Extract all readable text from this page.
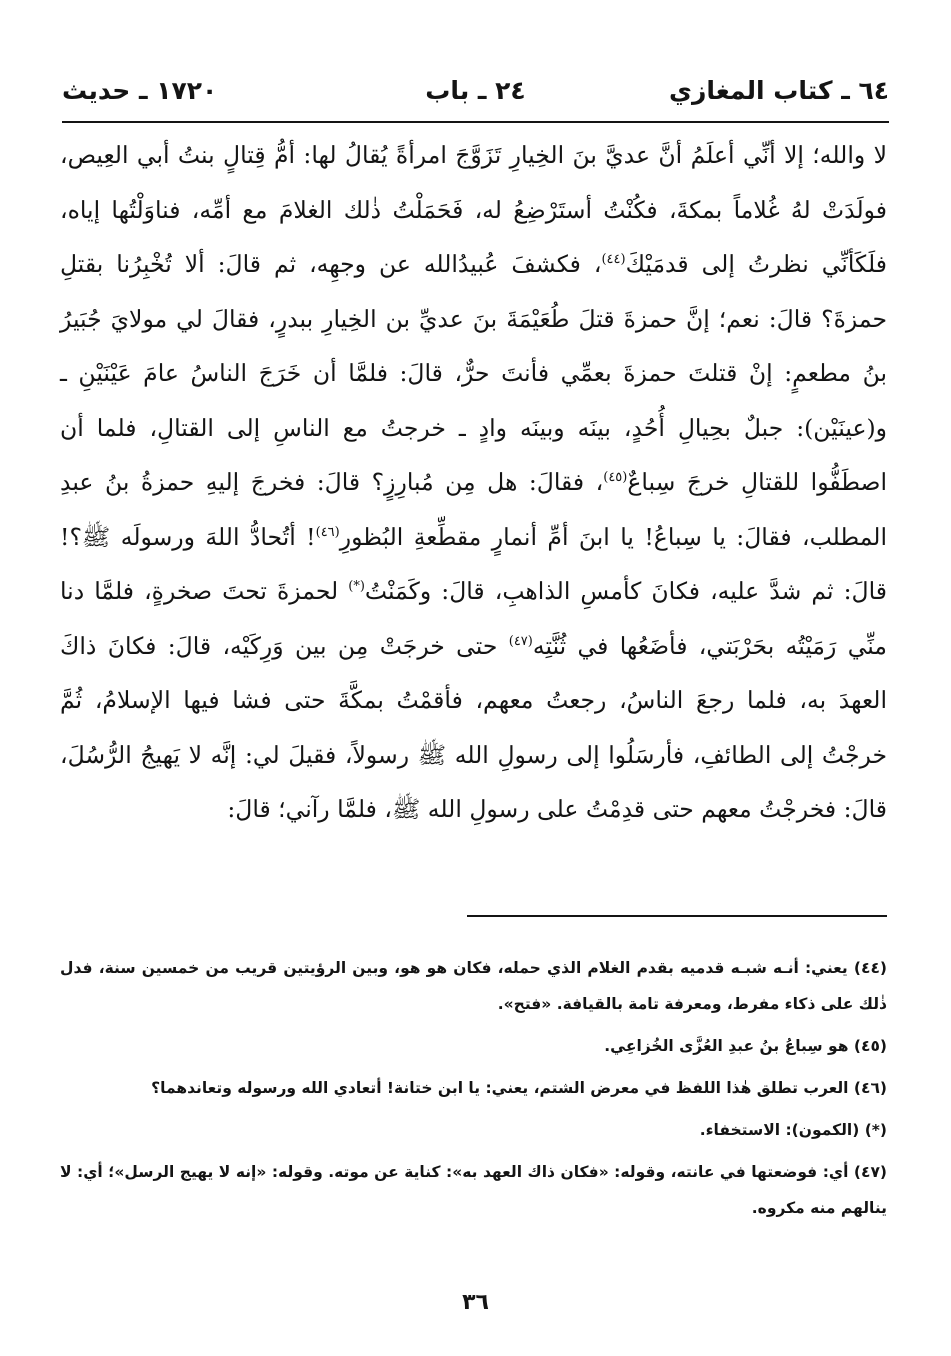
٦٤ ـ كتاب المغازي
٢٤ ـ باب
١٧٢٠ ـ حديث

لا والله؛ إلا أنِّي أعلَمُ أنَّ عديَّ بنَ الخِيارِ تَزَوَّجَ امرأةً يُقالُ لها: أمُّ قِتالٍ بنتُ أبي العِيص، فولَدَتْ لهُ غُلاماً بمكةَ، فكُنْتُ أستَرْضِعُ له، فَحَمَلْتُ ذٰلك الغلامَ مع أمِّه، فناوَلْتُها إياه، فلَكَأنِّي نظرتُ إلى قدمَيْكَ$^{(٤٤)}$، فكشفَ عُبيدُالله عن وجهِه، ثم قالَ: ألا تُخْبِرُنا بقتلِ حمزةَ؟ قالَ: نعم؛ إنَّ حمزةَ قتلَ طُعَيْمَةَ بنَ عديِّ بن الخِيارِ ببدرٍ، فقالَ لي مولايَ جُبَيرُ بنُ مطعمٍ: إنْ قتلتَ حمزةَ بعمِّي فأنتَ حرٌّ، قالَ: فلمَّا أن خَرَجَ الناسُ عامَ عَيْنَيْنِ ـ و(عينَيْن): جبلٌ بحِيالِ أُحُدٍ، بينَه وبينَه وادٍ ـ خرجتُ مع الناسِ إلى القتالِ، فلما أن اصطَفُّوا للقتالِ خرجَ سِباعٌ$^{(٤٥)}$، فقالَ: هل مِن مُبارِزٍ؟ قالَ: فخرجَ إليهِ حمزةُ بنُ عبدِ المطلب، فقالَ: يا سِباعُ! يا ابنَ أمِّ أنمارٍ مقطِّعةِ البُظورِ$^{(٤٦)}$! أتُحادُّ اللهَ ورسولَه ﷺ؟! قالَ: ثم شدَّ عليه، فكانَ كأمسِ الذاهبِ، قالَ: وكَمَنْتُ(*) لحمزةَ تحتَ صخرةٍ، فلمَّا دنا منِّي رَمَيْتُه بحَرْبَتي، فأضَعُها في ثُنَّتِه$^{(٤٧)}$ حتى خرجَتْ مِن بين وَرِكَيْه، قالَ: فكانَ ذاكَ العهدَ به، فلما رجعَ الناسُ، رجعتُ معهم، فأقمْتُ بمكَّةَ حتى فشا فيها الإسلامُ، ثُمَّ خرجْتُ إلى الطائفِ، فأرسَلُوا إلى رسولِ الله ﷺ رسولاً، فقيلَ لي: إنَّه لا يَهيجُ الرُّسُلَ، قالَ: فخرجْتُ معهم حتى قدِمْتُ على رسولِ الله ﷺ، فلمَّا رآني؛ قالَ:

(٤٤) يعني: أنـه شبـه قدميه بقدم الغلام الذي حمله، فكان هو هو، وبين الرؤيتين قريب من خمسين سنة، فدل ذٰلك على ذكاء مفرط، ومعرفة تامة بالقيافة. «فتح».

(٤٥) هو سِباعُ بنُ عبدِ العُزَّى الخُزاعِي.

(٤٦) العرب تطلق هٰذا اللفظ في معرض الشتم، يعني: يا ابن ختانة! أتعادي الله ورسوله وتعاندهما؟

(*) (الكمون): الاستخفاء.

(٤٧) أي: فوضعتها في عانته، وقوله: «فكان ذاك العهد به»: كناية عن موته. وقوله: «إنه لا يهيج الرسل»؛ أي: لا ينالهم منه مكروه.

٣٦
